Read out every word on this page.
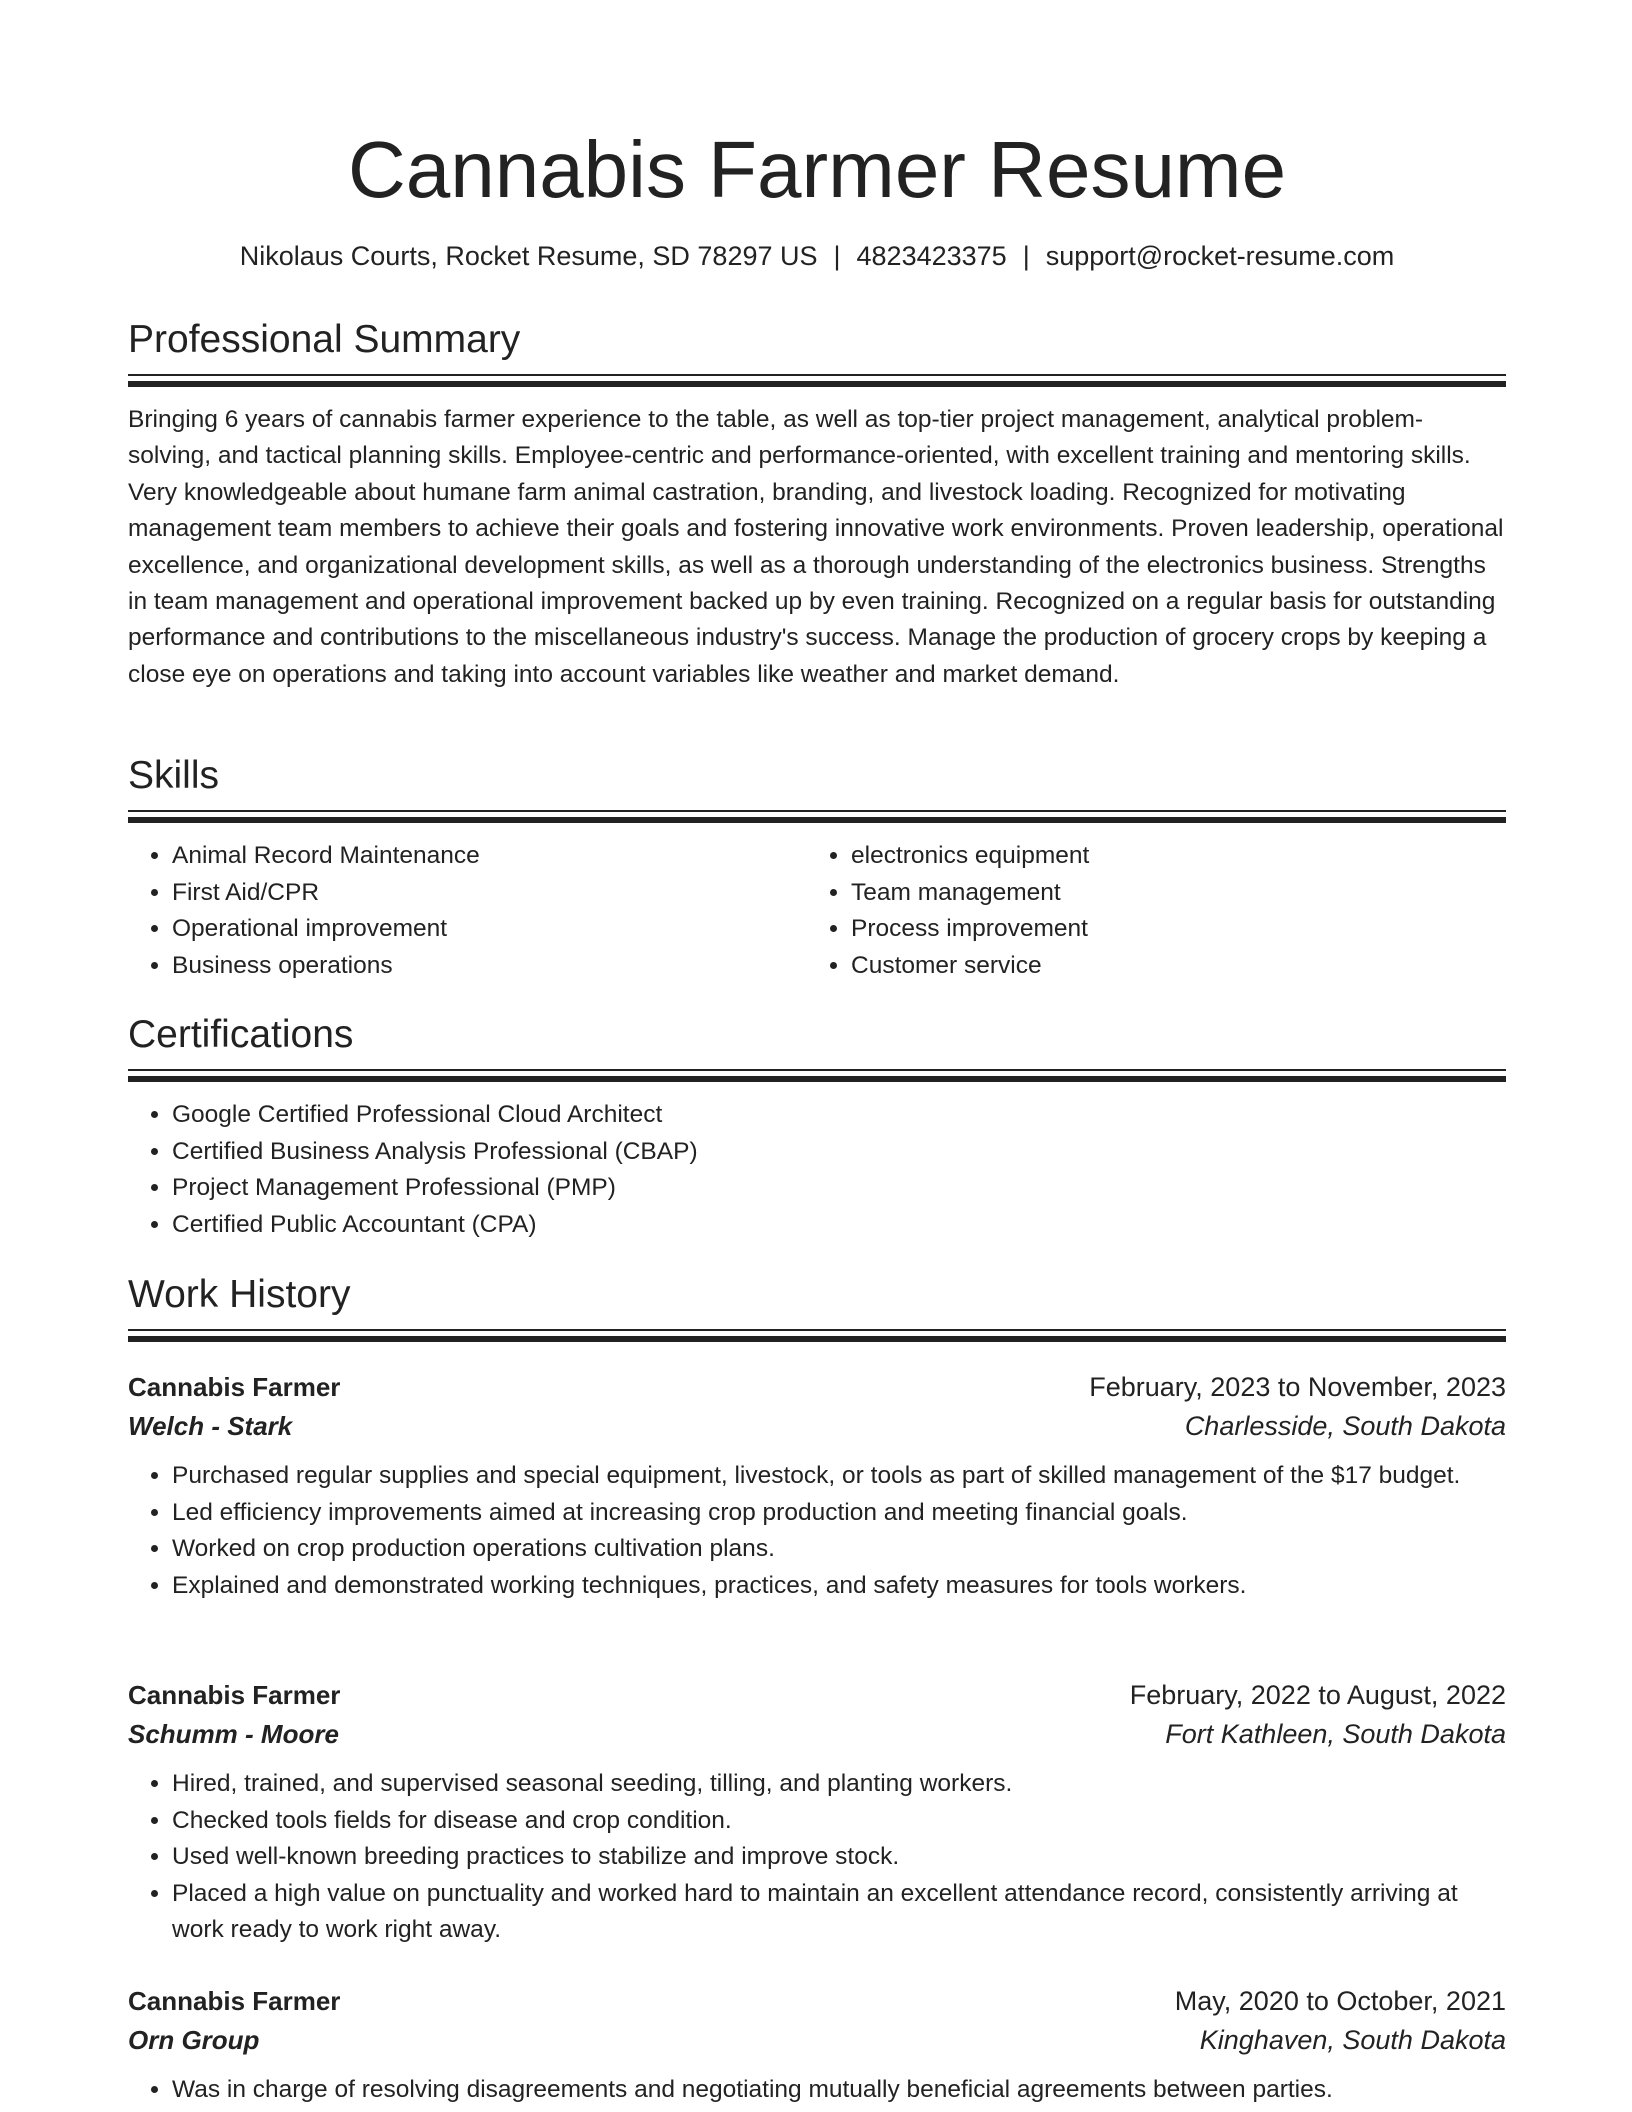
Cannabis Farmer Resume
Nikolaus Courts, Rocket Resume, SD 78297 US | 4823423375 | support@rocket-resume.com
Professional Summary

Bringing 6 years of cannabis farmer experience to the table, as well as top-tier project management, analytical problem-solving, and tactical planning skills. Employee-centric and performance-oriented, with excellent training and mentoring skills. Very knowledgeable about humane farm animal castration, branding, and livestock loading. Recognized for motivating management team members to achieve their goals and fostering innovative work environments. Proven leadership, operational excellence, and organizational development skills, as well as a thorough understanding of the electronics business. Strengths in team management and operational improvement backed up by even training. Recognized on a regular basis for outstanding performance and contributions to the miscellaneous industry's success. Manage the production of grocery crops by keeping a close eye on operations and taking into account variables like weather and market demand.

Skills
• Animal Record Maintenance
• First Aid/CPR
• Operational improvement
• Business operations
• electronics equipment
• Team management
• Process improvement
• Customer service
Certifications
• Google Certified Professional Cloud Architect
• Certified Business Analysis Professional (CBAP)
• Project Management Professional (PMP)
• Certified Public Accountant (CPA)
Work History
Cannabis Farmer	February, 2023 to November, 2023
Welch - Stark	Charlesside, South Dakota
• Purchased regular supplies and special equipment, livestock, or tools as part of skilled management of the $17 budget.
• Led efficiency improvements aimed at increasing crop production and meeting financial goals.
• Worked on crop production operations cultivation plans.
• Explained and demonstrated working techniques, practices, and safety measures for tools workers.
Cannabis Farmer	February, 2022 to August, 2022
Schumm - Moore	Fort Kathleen, South Dakota
• Hired, trained, and supervised seasonal seeding, tilling, and planting workers.
• Checked tools fields for disease and crop condition.
• Used well-known breeding practices to stabilize and improve stock.
• Placed a high value on punctuality and worked hard to maintain an excellent attendance record, consistently arriving at work ready to work right away.
Cannabis Farmer	May, 2020 to October, 2021
Orn Group	Kinghaven, South Dakota
• Was in charge of resolving disagreements and negotiating mutually beneficial agreements between parties.
